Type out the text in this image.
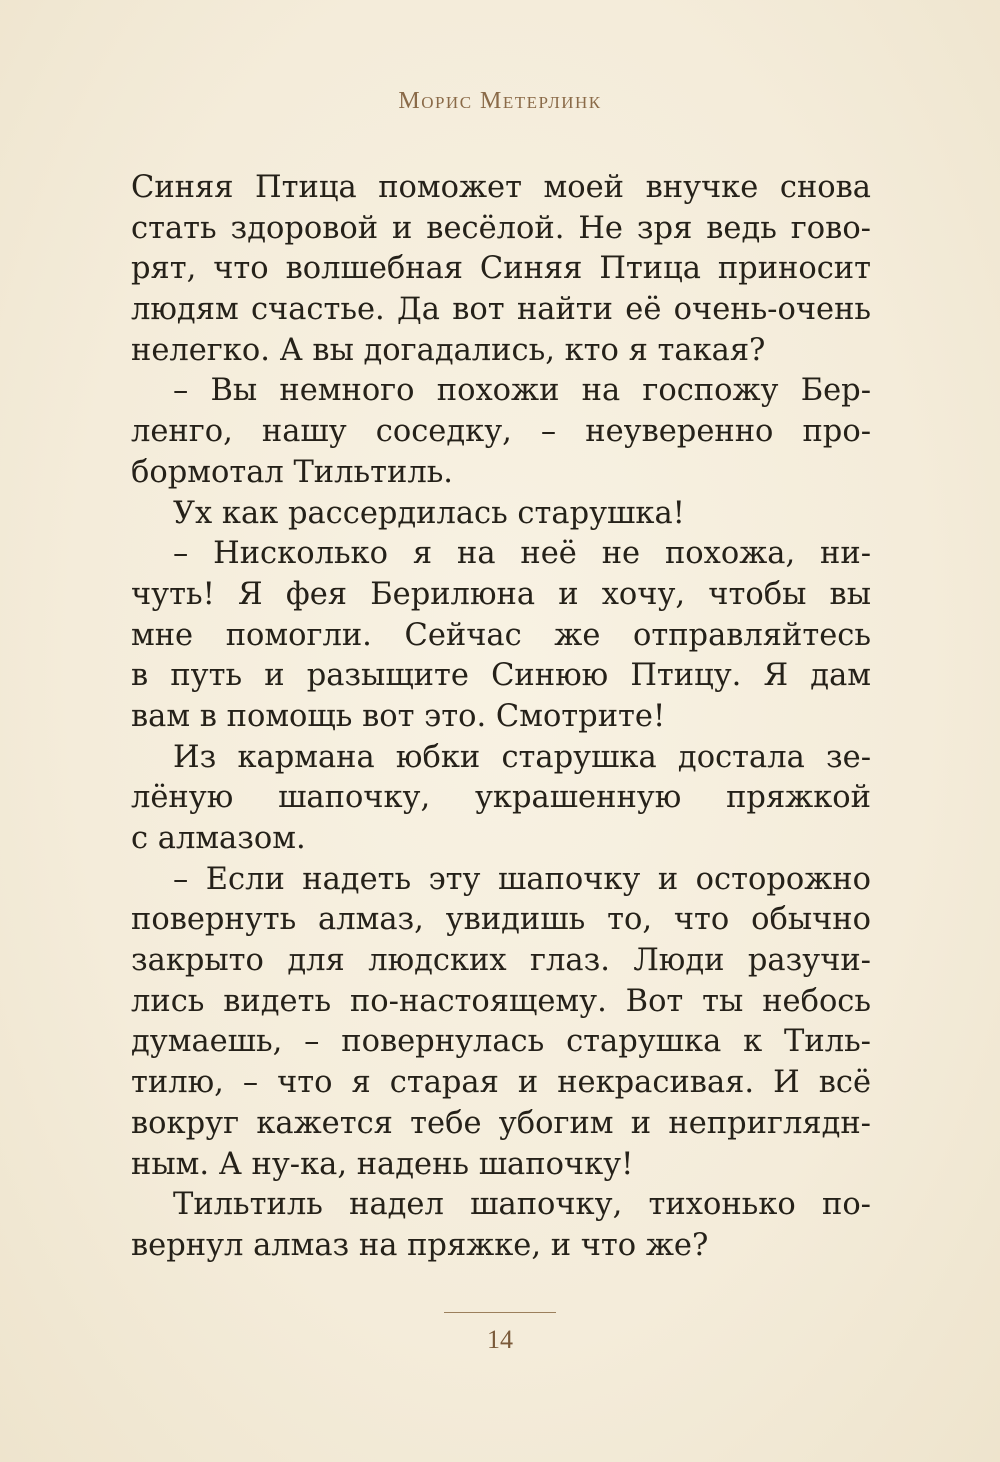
Морис Метерлинк
Синяя Птица поможет моей внучке снова
стать здоровой и весёлой. Не зря ведь гово-
рят, что волшебная Синяя Птица приносит
людям счастье. Да вот найти её очень-очень
нелегко. А вы догадались, кто я такая?
– Вы немного похожи на госпожу Бер-
ленго, нашу соседку, – неуверенно про-
бормотал Тильтиль.
Ух как рассердилась старушка!
– Нисколько я на неё не похожа, ни-
чуть! Я фея Берилюна и хочу, чтобы вы
мне помогли. Сейчас же отправляйтесь
в путь и разыщите Синюю Птицу. Я дам
вам в помощь вот это. Смотрите!
Из кармана юбки старушка достала зе-
лёную шапочку, украшенную пряжкой
с алмазом.
– Если надеть эту шапочку и осторожно
повернуть алмаз, увидишь то, что обычно
закрыто для людских глаз. Люди разучи-
лись видеть по-настоящему. Вот ты небось
думаешь, – повернулась старушка к Тиль-
тилю, – что я старая и некрасивая. И всё
вокруг кажется тебе убогим и неприглядн-
ным. А ну-ка, надень шапочку!
Тильтиль надел шапочку, тихонько по-
вернул алмаз на пряжке, и что же?
14
